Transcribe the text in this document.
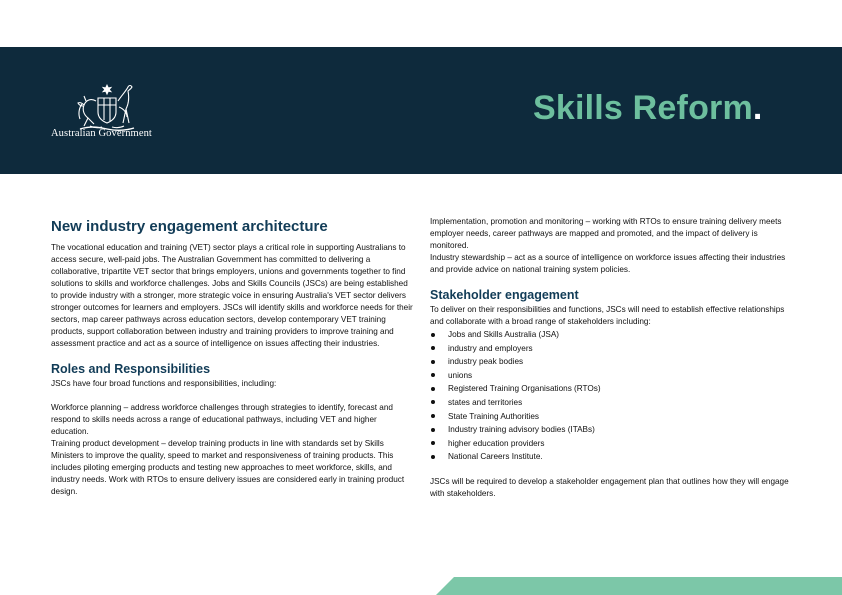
Australian Government
Skills Reform.
New industry engagement architecture

The vocational education and training (VET) sector plays a critical role in supporting Australians to access secure, well-paid jobs. The Australian Government has committed to delivering a collaborative, tripartite VET sector that brings employers, unions and governments together to find solutions to skills and workforce challenges. Jobs and Skills Councils (JSCs) are being established to provide industry with a stronger, more strategic voice in ensuring Australia's VET sector delivers stronger outcomes for learners and employers. JSCs will identify skills and workforce needs for their sectors, map career pathways across education sectors, develop contemporary VET training products, support collaboration between industry and training providers to improve training and assessment practice and act as a source of intelligence on issues affecting their industries.

Roles and Responsibilities

JSCs have four broad functions and responsibilities, including:

Workforce planning – address workforce challenges through strategies to identify, forecast and respond to skills needs across a range of educational pathways, including VET and higher education.

Training product development – develop training products in line with standards set by Skills Ministers to improve the quality, speed to market and responsiveness of training products. This includes piloting emerging products and testing new approaches to meet workforce, skills, and industry needs. Work with RTOs to ensure delivery issues are considered early in training product design.

Implementation, promotion and monitoring – working with RTOs to ensure training delivery meets employer needs, career pathways are mapped and promoted, and the impact of delivery is monitored.

Industry stewardship – act as a source of intelligence on workforce issues affecting their industries and provide advice on national training system policies.

Stakeholder engagement

To deliver on their responsibilities and functions, JSCs will need to establish effective relationships and collaborate with a broad range of stakeholders including:

Jobs and Skills Australia (JSA)
industry and employers
industry peak bodies
unions
Registered Training Organisations (RTOs)
states and territories
State Training Authorities
Industry training advisory bodies (ITABs)
higher education providers
National Careers Institute.

JSCs will be required to develop a stakeholder engagement plan that outlines how they will engage with stakeholders.
